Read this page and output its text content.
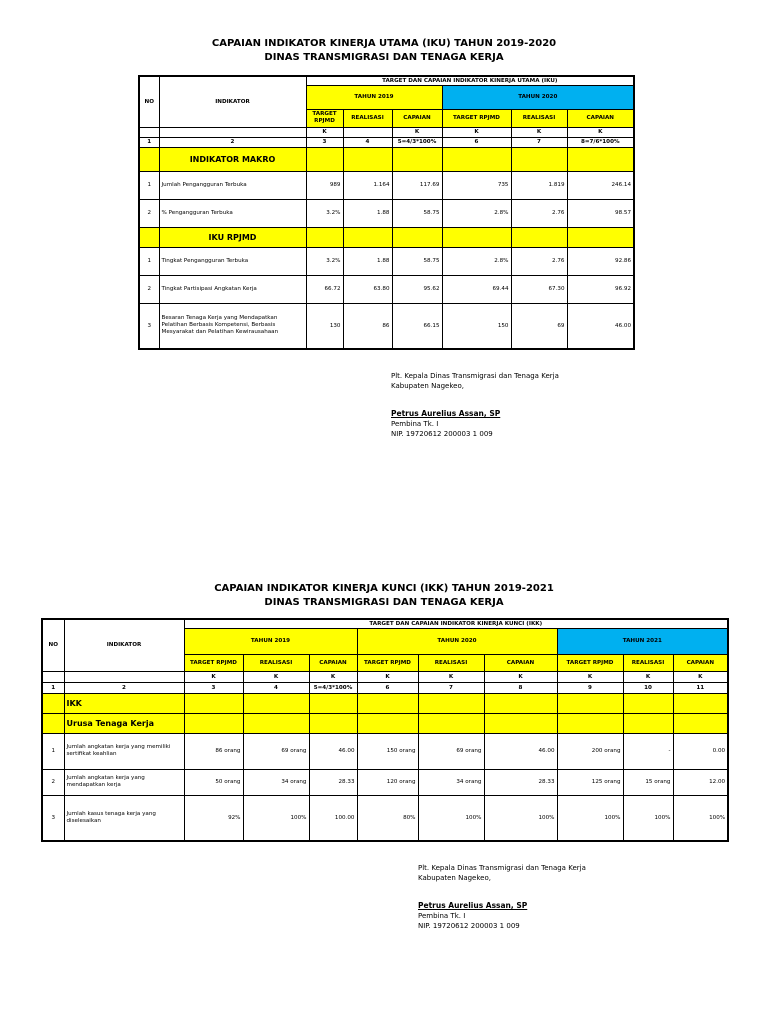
CAPAIAN INDIKATOR KINERJA UTAMA (IKU) TAHUN 2019-2020
DINAS TRANSMIGRASI DAN TENAGA KERJA
NO	INDIKATOR	TARGET DAN CAPAIAN INDIKATOR KINERJA UTAMA (IKU)					
		TAHUN 2019			TAHUN 2020		
		TARGET RPJMD	REALISASI	CAPAIAN	TARGET RPJMD	REALISASI	CAPAIAN
		K		K	K	K	K
1	2	3	4	5=4/3*100%	6	7	8=7/6*100%
	INDIKATOR MAKRO						
1	Jumlah Pengangguran Terbuka	989	1.164	117.69	735	1.819	246.14
2	% Pengangguran Terbuka	3.2%	1.88	58.75	2.8%	2.76	98.57
	IKU RPJMD						
1	Tingkat Pengangguran Terbuka	3.2%	1.88	58.75	2.8%	2.76	92.86
2	Tingkat Partisipasi Angkatan Kerja	66.72	63.80	95.62	69.44	67.30	96.92
3	Besaran Tenaga Kerja yang Mendapatkan Pelatihan Berbasis Kompetensi, Berbasis Mesyarakat dan Pelatihan Kewirausahaan	130	86	66.15	150	69	46.00
Plt. Kepala Dinas Transmigrasi dan Tenaga Kerja
Kabupaten Nagekeo,
Petrus Aurelius Assan, SP
Pembina Tk. I
NIP. 19720612 200003 1 009
CAPAIAN INDIKATOR KINERJA KUNCI (IKK) TAHUN 2019-2021
DINAS TRANSMIGRASI DAN TENAGA KERJA
NO	INDIKATOR	TARGET DAN CAPAIAN INDIKATOR KINERJA KUNCI (IKK)								
		TAHUN 2019			TAHUN 2020			TAHUN 2021		
		TARGET RPJMD	REALISASI	CAPAIAN	TARGET RPJMD	REALISASI	CAPAIAN	TARGET RPJMD	REALISASI	CAPAIAN
		K	K	K	K	K	K	K	K	K
1	2	3	4	5=4/3*100%	6	7	8	9	10	11
	IKK									
	Urusa Tenaga Kerja									
1	Jumlah angkatan kerja yang memiliki sertifikat keahlian	86 orang	69 orang	46.00	150 orang	69 orang	46.00	200 orang	-	0.00
2	Jumlah angkatan kerja yang mendapatkan kerja	50 orang	34 orang	28.33	120 orang	34 orang	28.33	125 orang	15 orang	12.00
3	Jumlah kasus tenaga kerja yang diselesaikan	92%	100%	100.00	80%	100%	100%	100%	100%	100%
Plt. Kepala Dinas Transmigrasi dan Tenaga Kerja
Kabupaten Nagekeo,
Petrus Aurelius Assan, SP
Pembina Tk. I
NIP. 19720612 200003 1 009
